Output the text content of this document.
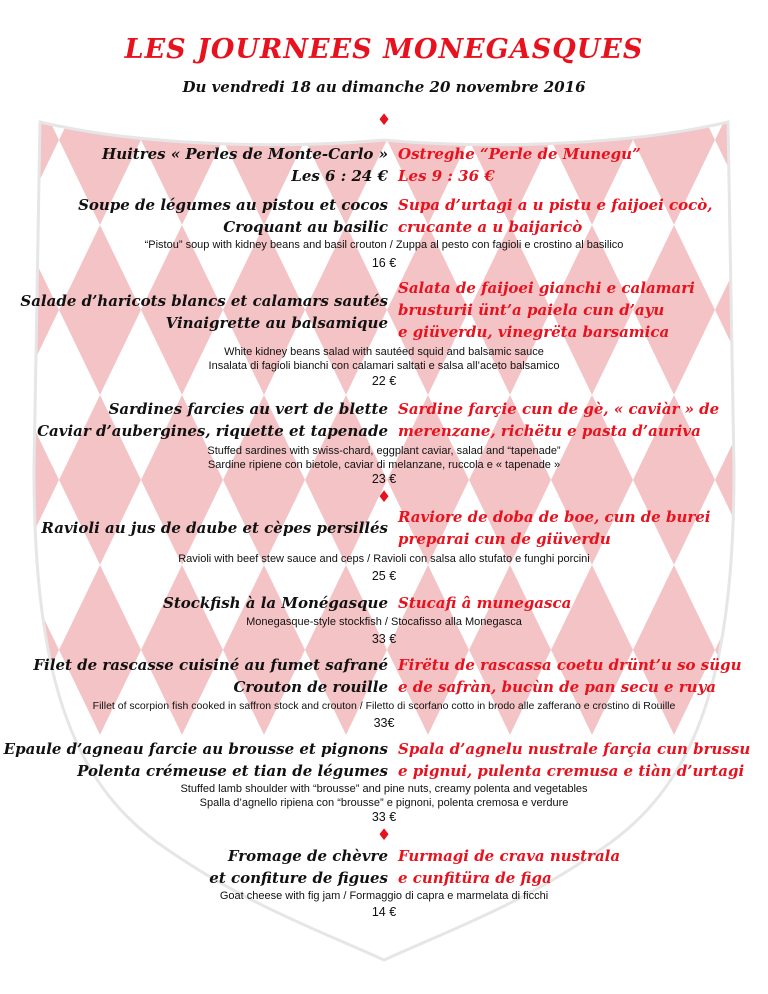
LES JOURNEES MONEGASQUES
Du vendredi 18 au dimanche 20 novembre 2016
♦
Huitres « Perles de Monte-Carlo »
Les 6 : 24 €
Ostreghe “Perle de Munegu”
Les 9 : 36 €
Soupe de légumes au pistou et cocos
Croquant au basilic
Supa d’urtagi a u pistu e faijoei cocò,
crucante a u baijaricò
“Pistou” soup with kidney beans and basil crouton / Zuppa al pesto con fagioli e crostino al basilico
16 €
Salade d’haricots blancs et calamars sautés
Vinaigrette au balsamique
Salata de faijoei gianchi e calamari
brusturii ünt’a paiela cun d’ayu
e giüverdu, vinegrëta barsamica
White kidney beans salad with sautéed squid and balsamic sauce
Insalata di fagioli bianchi con calamari saltati e salsa all’aceto balsamico
22 €
Sardines farcies au vert de blette
Caviar d’aubergines, riquette et tapenade
Sardine farçie cun de gè, « caviàr » de
merenzane, richëtu e pasta d’auriva
Stuffed sardines with swiss-chard, eggplant caviar, salad and “tapenade”
Sardine ripiene con bietole, caviar di melanzane, ruccola e « tapenade »
23 €
♦
Ravioli au jus de daube et cèpes persillés
Raviore de doba de boe, cun de burei
preparai cun de giüverdu
Ravioli with beef stew sauce and ceps / Ravioli con salsa allo stufato e funghi porcini
25 €
Stockfish à la Monégasque Stucafi â munegasca
Monegasque-style stockfish / Stocafisso alla Monegasca
33 €
Filet de rascasse cuisiné au fumet safrané
Crouton de rouille
Firëtu de rascassa coetu drünt’u so sügu
e de safràn, bucùn de pan secu e ruya
Fillet of scorpion fish cooked in saffron stock and crouton / Filetto di scorfano cotto in brodo alle zafferano e crostino di Rouille
33€
Epaule d’agneau farcie au brousse et pignons
Polenta crémeuse et tian de légumes
Spala d’agnelu nustrale farçia cun brussu
e pignui, pulenta cremusa e tiàn d’urtagi
Stuffed lamb shoulder with “brousse” and pine nuts, creamy polenta and vegetables
Spalla d’agnello ripiena con “brousse” e pignoni, polenta cremosa e verdure
33 €
♦
Fromage de chèvre
et confiture de figues
Furmagi de crava nustrala
e cunfitüra de figa
Goat cheese with fig jam / Formaggio di capra e marmelata di ficchi
14 €
